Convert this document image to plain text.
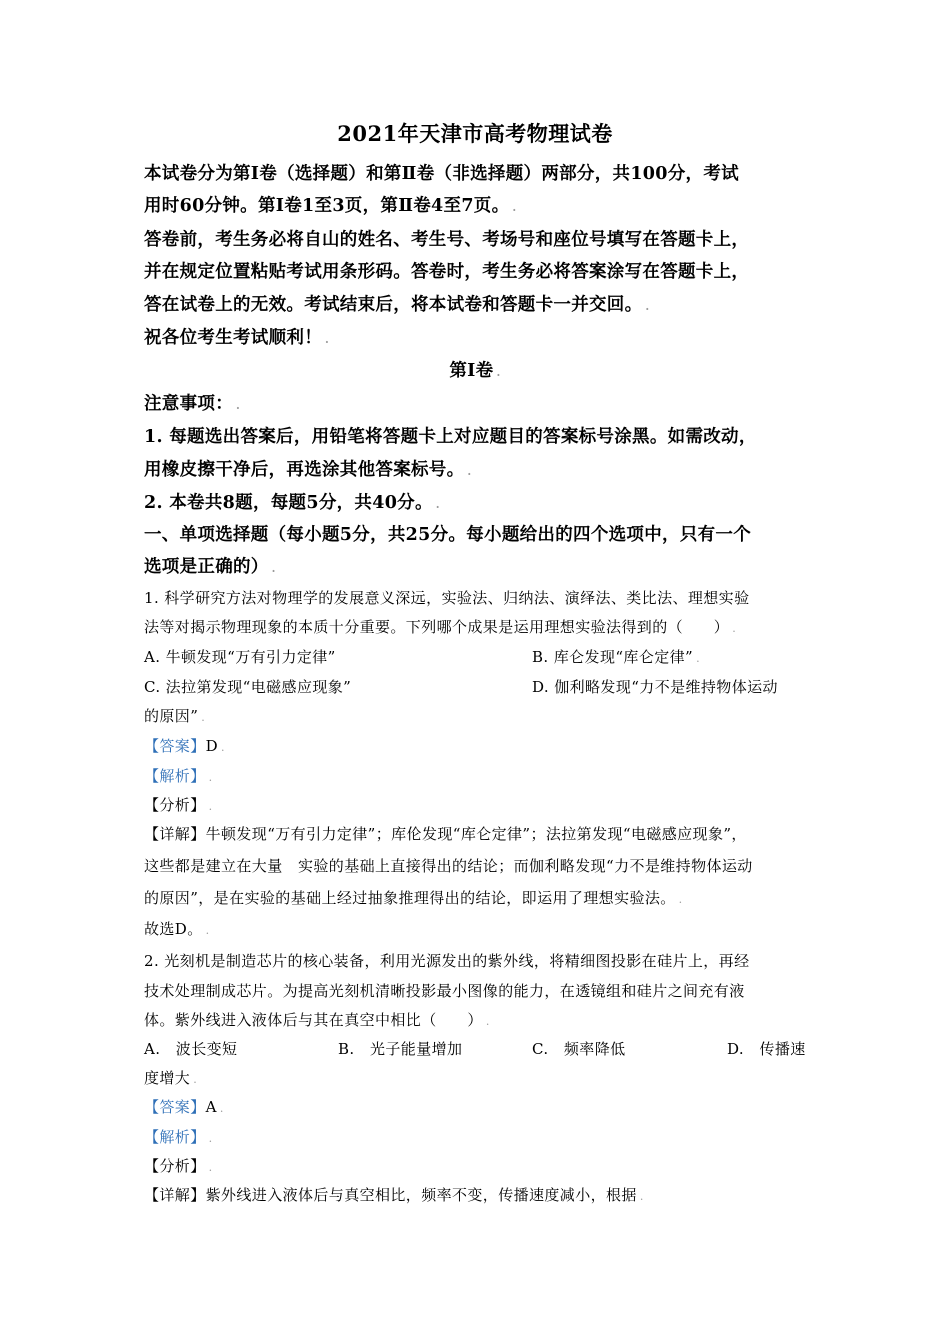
2021年天津市高考物理试卷
本试卷分为第Ⅰ卷（选择题）和第Ⅱ卷（非选择题）两部分，共100分，考试
用时60分钟。第Ⅰ卷1至3页，第Ⅱ卷4至7页。 .
答卷前，考生务必将自山的姓名、考生号、考场号和座位号填写在答题卡上，
并在规定位置粘贴考试用条形码。答卷时，考生务必将答案涂写在答题卡上，
答在试卷上的无效。考试结束后，将本试卷和答题卡一并交回。 .
祝各位考生考试顺利！ .
第Ⅰ卷 .
注意事项： .
1. 每题选出答案后，用铅笔将答题卡上对应题目的答案标号涂黑。如需改动，
用橡皮擦干净后，再选涂其他答案标号。 .
2. 本卷共8题，每题5分，共40分。 .
一、单项选择题（每小题5分，共25分。每小题给出的四个选项中，只有一个
选项是正确的） .
1. 科学研究方法对物理学的发展意义深远，实验法、归纳法、演绎法、类比法、理想实验
法等对揭示物理现象的本质十分重要。下列哪个成果是运用理想实验法得到的（　　） .
A. 牛顿发现“万有引力定律”	B. 库仑发现“库仑定律” .
C. 法拉第发现“电磁感应现象”	D. 伽利略发现“力不是维持物体运动
的原因” .
【答案】D .
【解析】 .
【分析】 .
【详解】牛顿发现“万有引力定律”；库伦发现“库仑定律”；法拉第发现“电磁感应现象”，
这些都是建立在大量　实验的基础上直接得出的结论；而伽利略发现“力不是维持物体运动
的原因”，是在实验的基础上经过抽象推理得出的结论，即运用了理想实验法。 .
故选D。 .
2. 光刻机是制造芯片的核心装备，利用光源发出的紫外线，将精细图投影在硅片上，再经
技术处理制成芯片。为提高光刻机清晰投影最小图像的能力，在透镜组和硅片之间充有液
体。紫外线进入液体后与其在真空中相比（　　） .
A.　波长变短	B.　光子能量增加	C.　频率降低	D.　传播速
度增大 .
【答案】A .
【解析】 .
【分析】 .
【详解】紫外线进入液体后与真空相比，频率不变，传播速度减小，根据 .
